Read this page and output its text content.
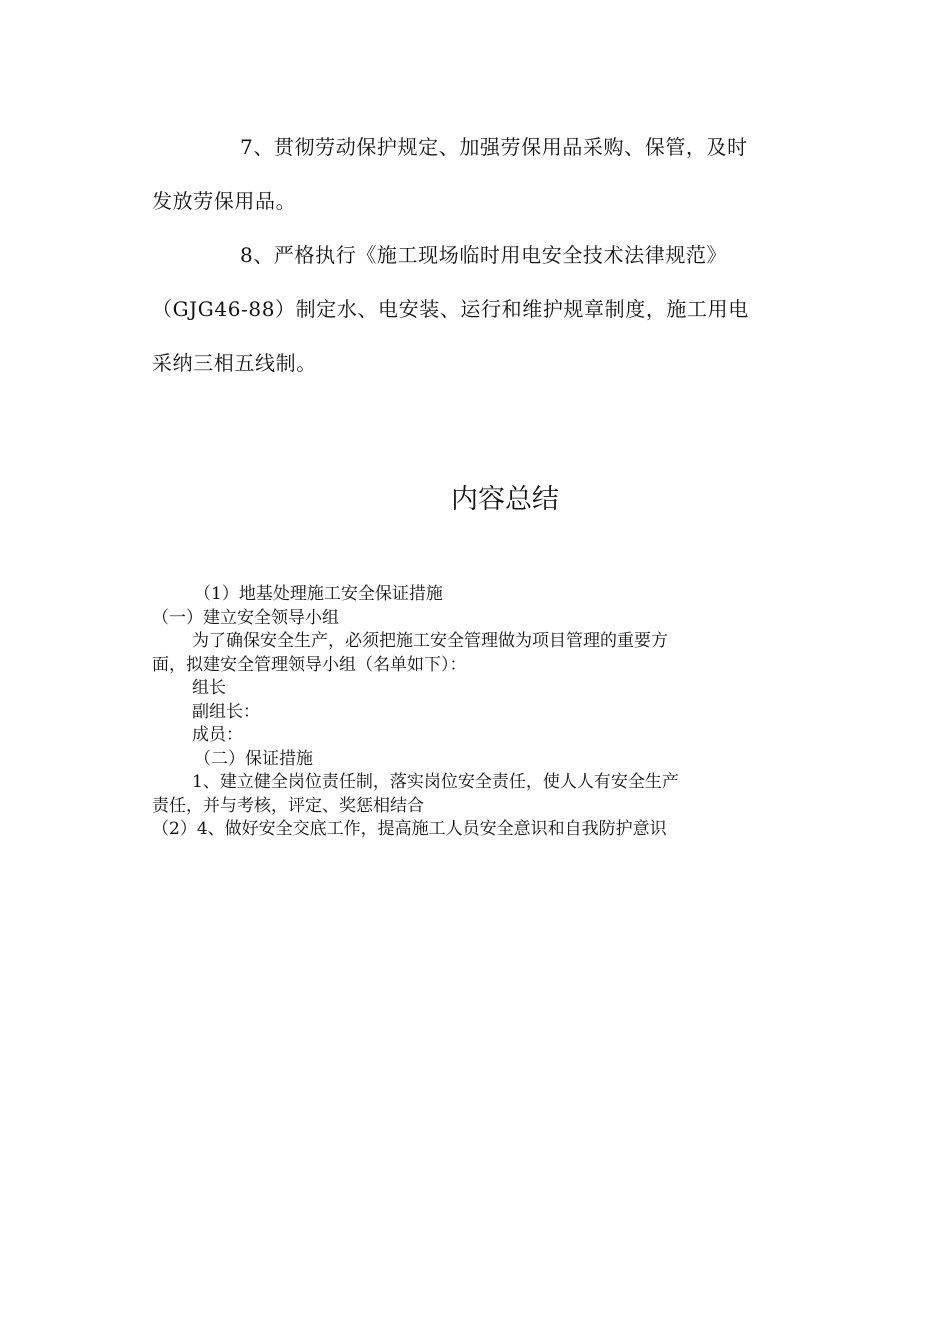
7、贯彻劳动保护规定、加强劳保用品采购、保管，及时

发放劳保用品。

8、严格执行《施工现场临时用电安全技术法律规范》

（GJG46-88）制定水、电安装、运行和维护规章制度，施工用电

采纳三相五线制。

内容总结

（1）地基处理施工安全保证措施

（一）建立安全领导小组

为了确保安全生产，必须把施工安全管理做为项目管理的重要方

面，拟建安全管理领导小组（名单如下）：

组长

副组长：

成员：

（二）保证措施

1、建立健全岗位责任制，落实岗位安全责任，使人人有安全生产

责任，并与考核，评定、奖惩相结合

（2）4、做好安全交底工作，提高施工人员安全意识和自我防护意识
